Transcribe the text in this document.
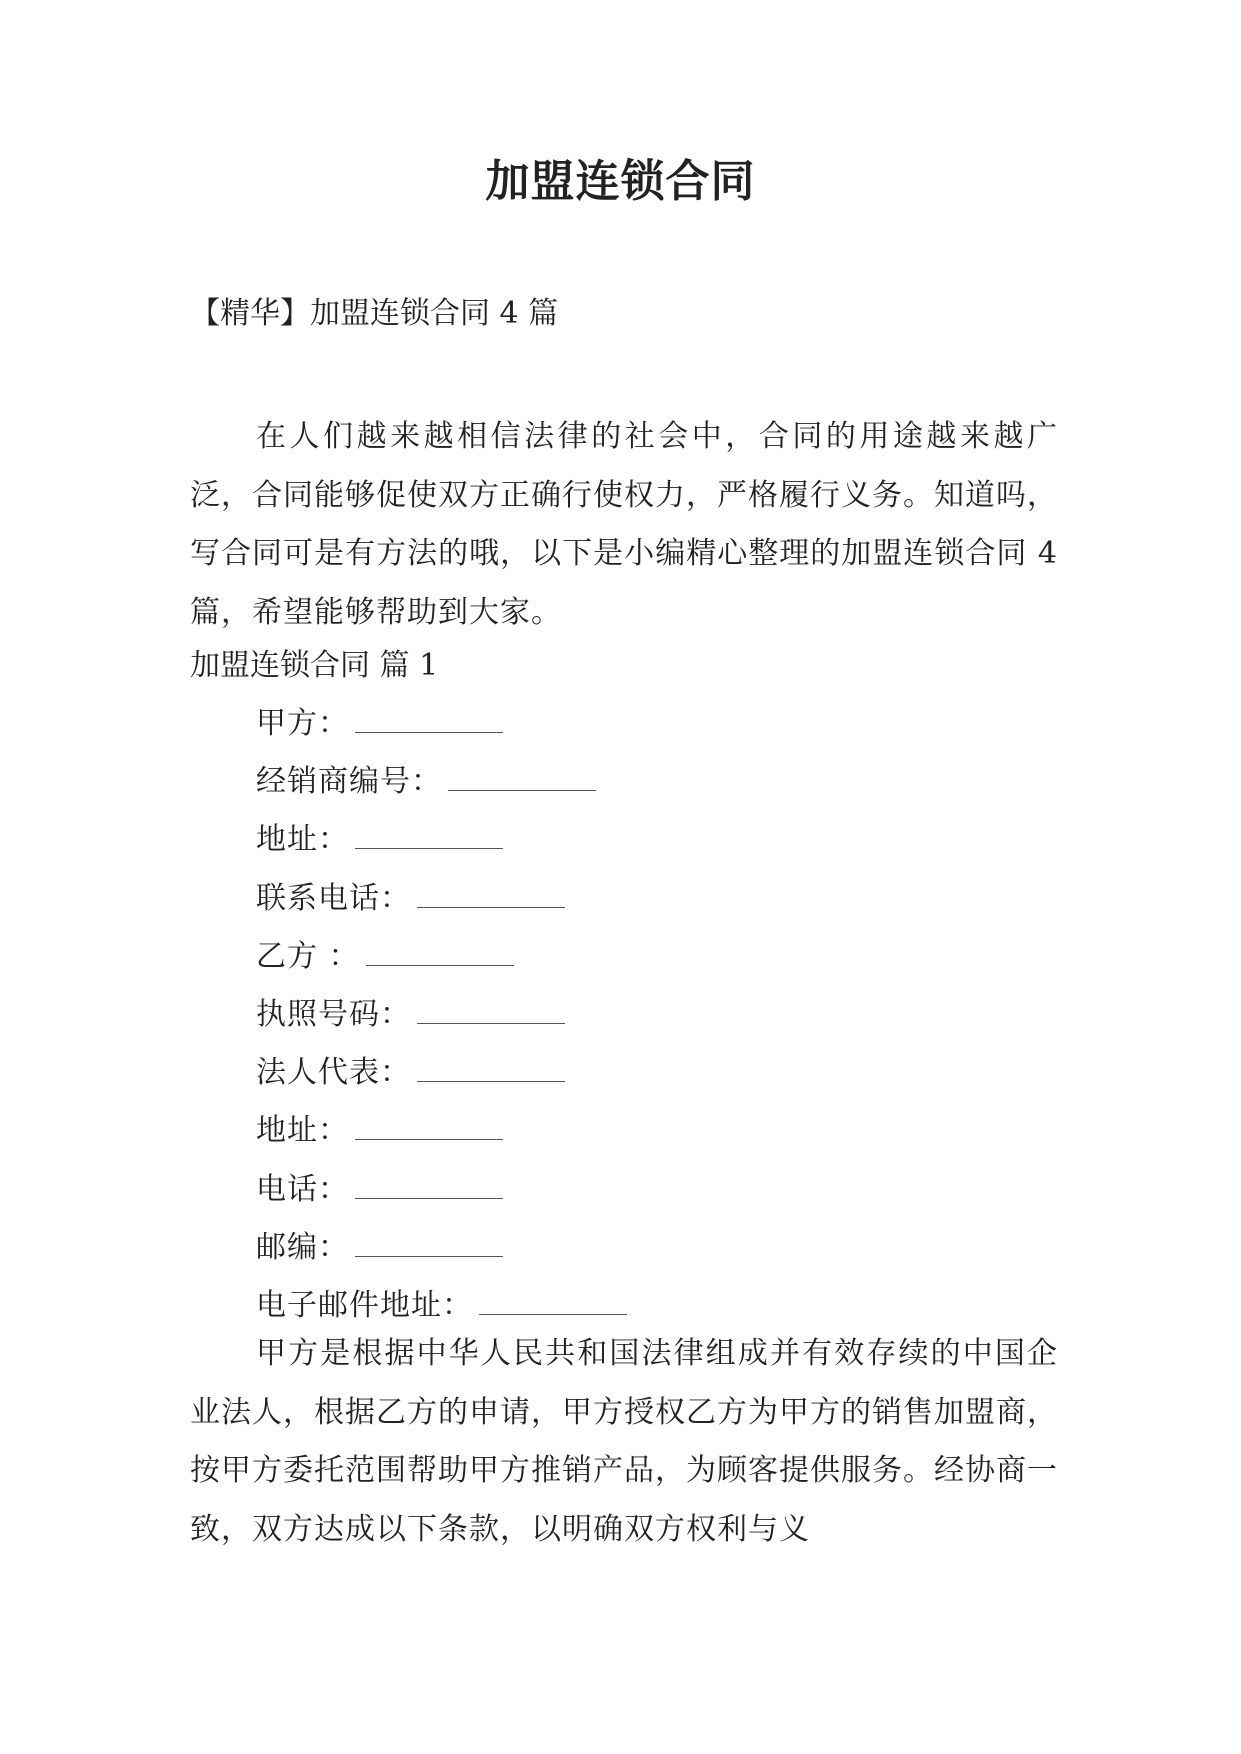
加盟连锁合同
【精华】加盟连锁合同 4 篇

在人们越来越相信法律的社会中，合同的用途越来越广泛，合同能够促使双方正确行使权力，严格履行义务。知道吗，写合同可是有方法的哦，以下是小编精心整理的加盟连锁合同 4 篇，希望能够帮助到大家。

加盟连锁合同 篇 1
甲方：
经销商编号：
地址：
联系电话：
乙方 ：
执照号码：
法人代表：
地址：
电话：
邮编：
电子邮件地址：

甲方是根据中华人民共和国法律组成并有效存续的中国企业法人，根据乙方的申请，甲方授权乙方为甲方的销售加盟商，按甲方委托范围帮助甲方推销产品，为顾客提供服务。经协商一致，双方达成以下条款，以明确双方权利与义
